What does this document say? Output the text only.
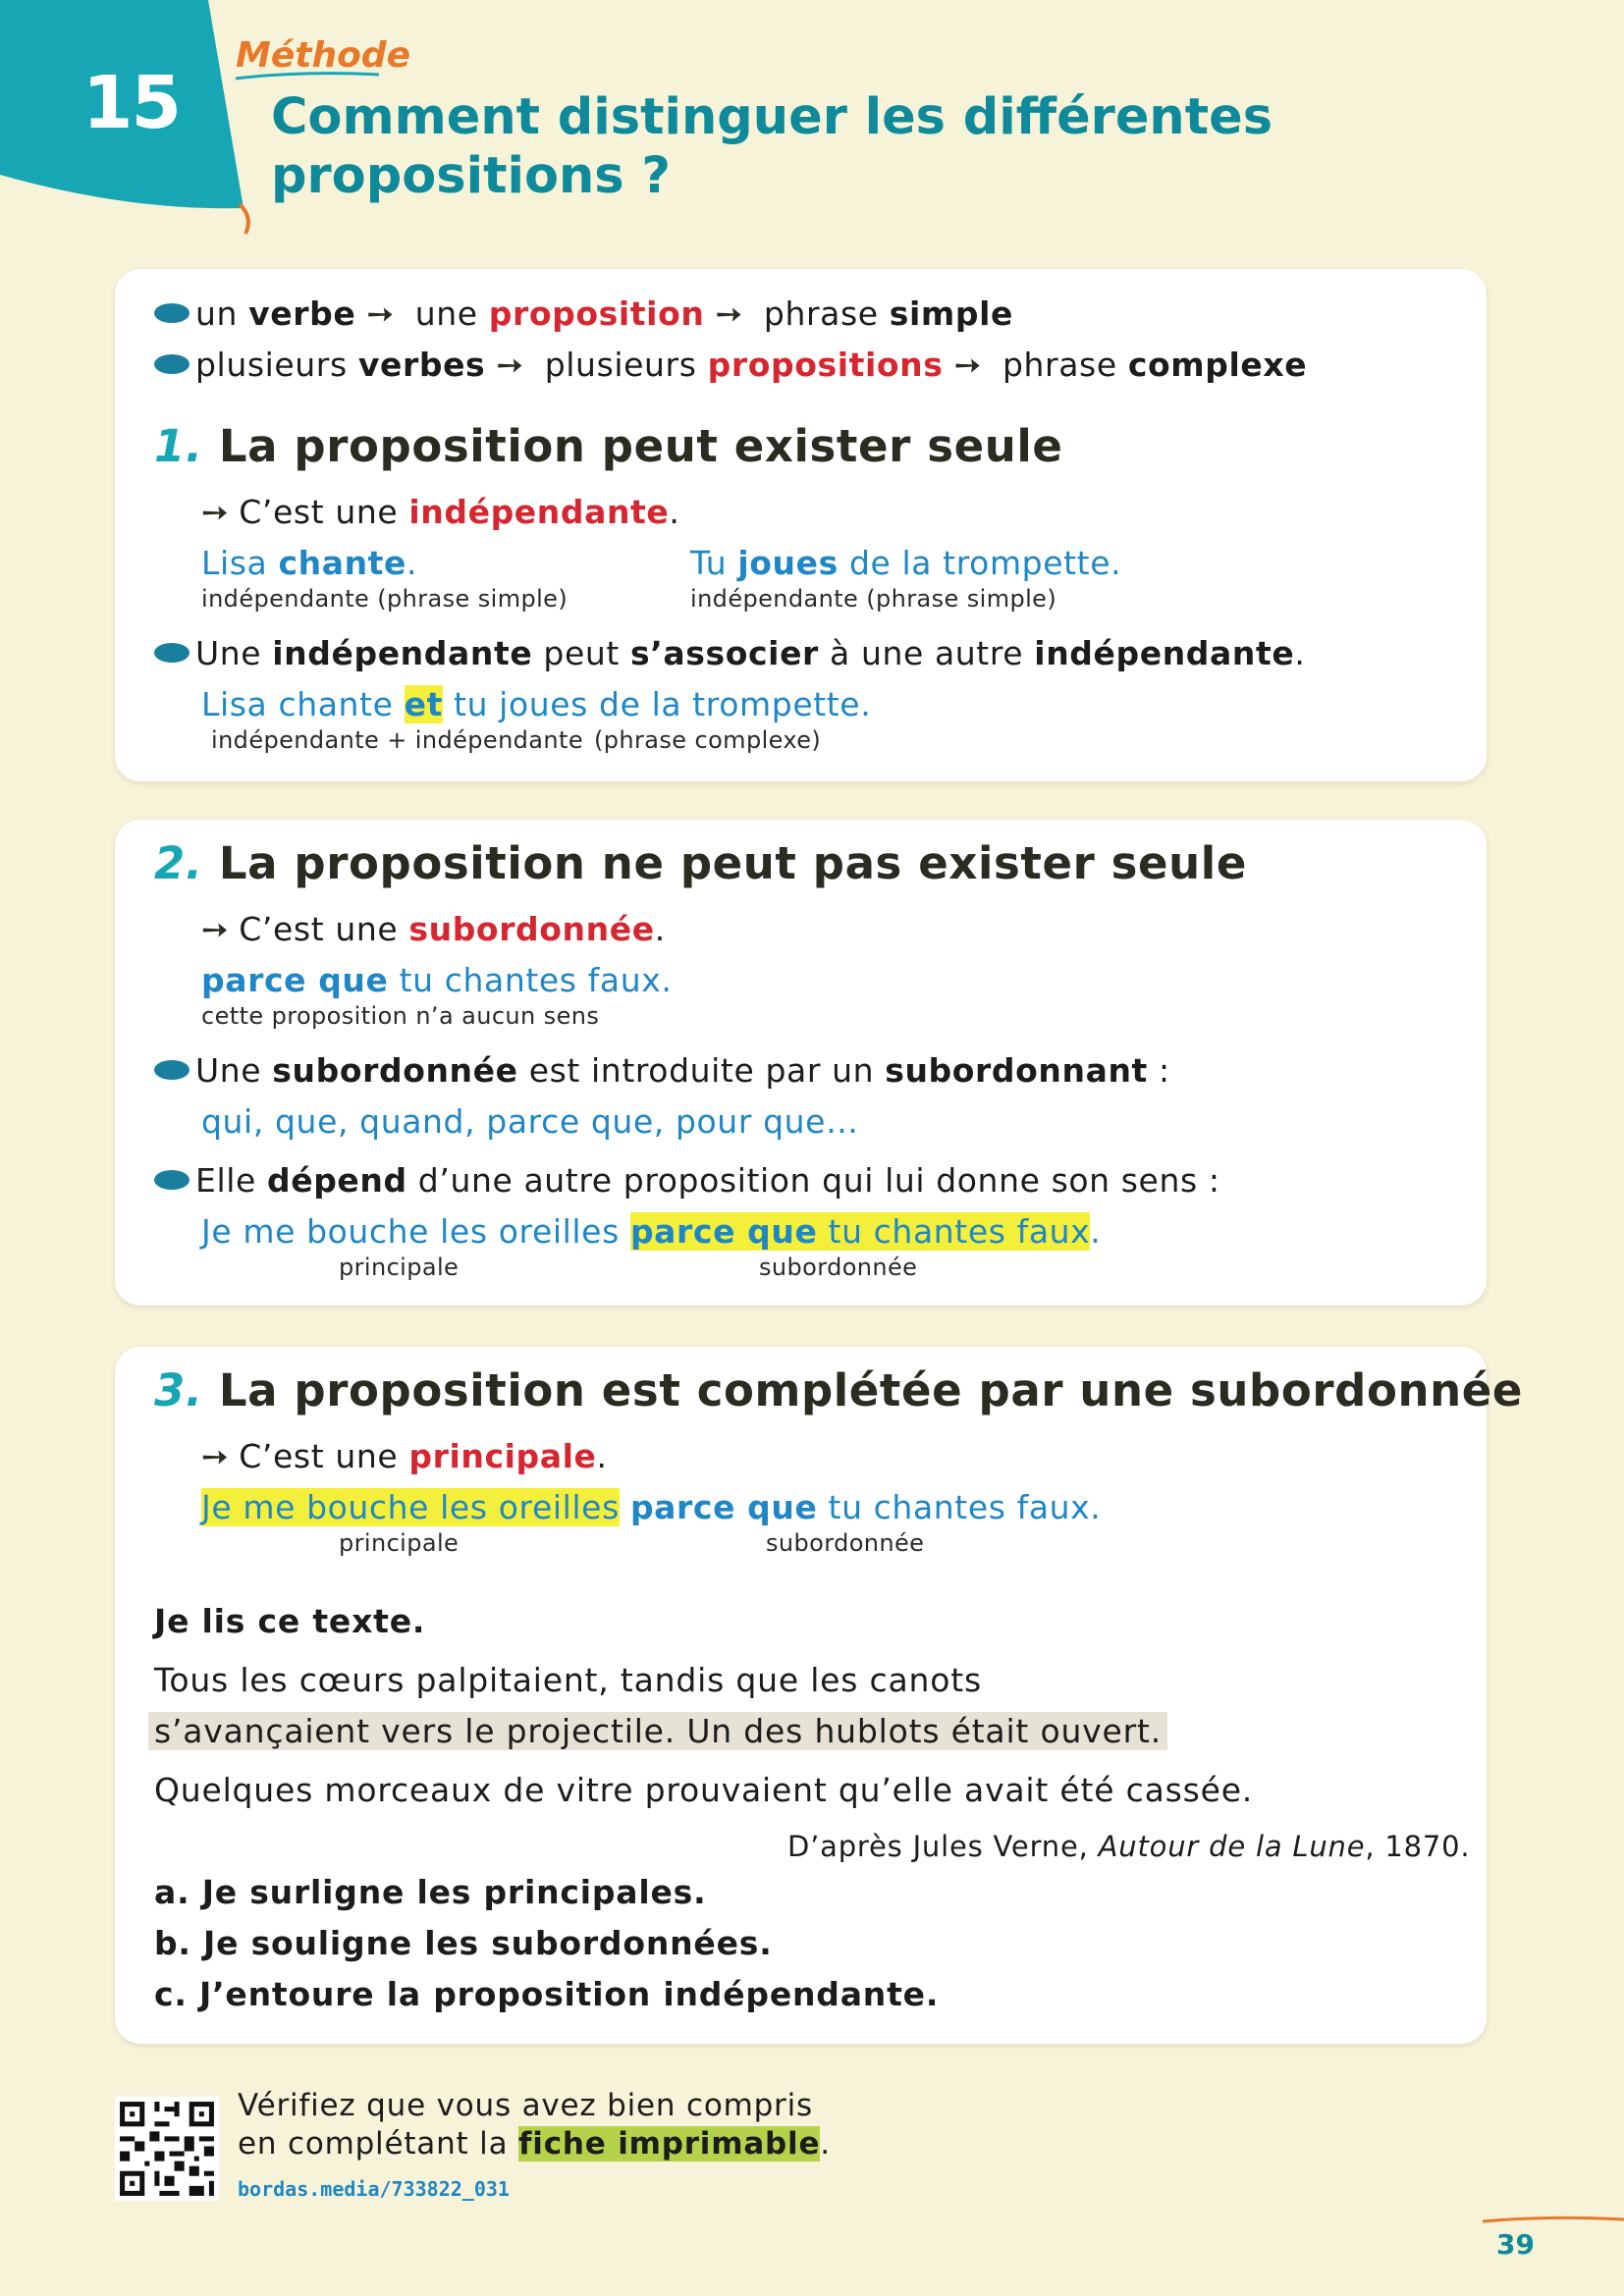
15
Méthode
Comment distinguer les différentes
propositions ?
un verbe ➙ une proposition ➙ phrase simple
plusieurs verbes ➙ plusieurs propositions ➙ phrase complexe
1. La proposition peut exister seule
➙ C’est une indépendante.
Lisa chante.
indépendante (phrase simple)
Tu joues de la trompette.
indépendante (phrase simple)
Une indépendante peut s’associer à une autre indépendante.
Lisa chante et tu joues de la trompette.
indépendante + indépendante (phrase complexe)
2. La proposition ne peut pas exister seule
➙ C’est une subordonnée.
parce que tu chantes faux.
cette proposition n’a aucun sens
Une subordonnée est introduite par un subordonnant :
qui, que, quand, parce que, pour que…
Elle dépend d’une autre proposition qui lui donne son sens :
Je me bouche les oreilles parce que tu chantes faux.
principale	subordonnée
3. La proposition est complétée par une subordonnée
➙ C’est une principale.
Je me bouche les oreilles parce que tu chantes faux.
principale	subordonnée
Je lis ce texte.
Tous les cœurs palpitaient, tandis que les canots
s’avançaient vers le projectile. Un des hublots était ouvert.
Quelques morceaux de vitre prouvaient qu’elle avait été cassée.
D’après Jules Verne, Autour de la Lune, 1870.
a. Je surligne les principales.
b. Je souligne les subordonnées.
c. J’entoure la proposition indépendante.
Vérifiez que vous avez bien compris
en complétant la fiche imprimable.
bordas.media/733822_031
39
